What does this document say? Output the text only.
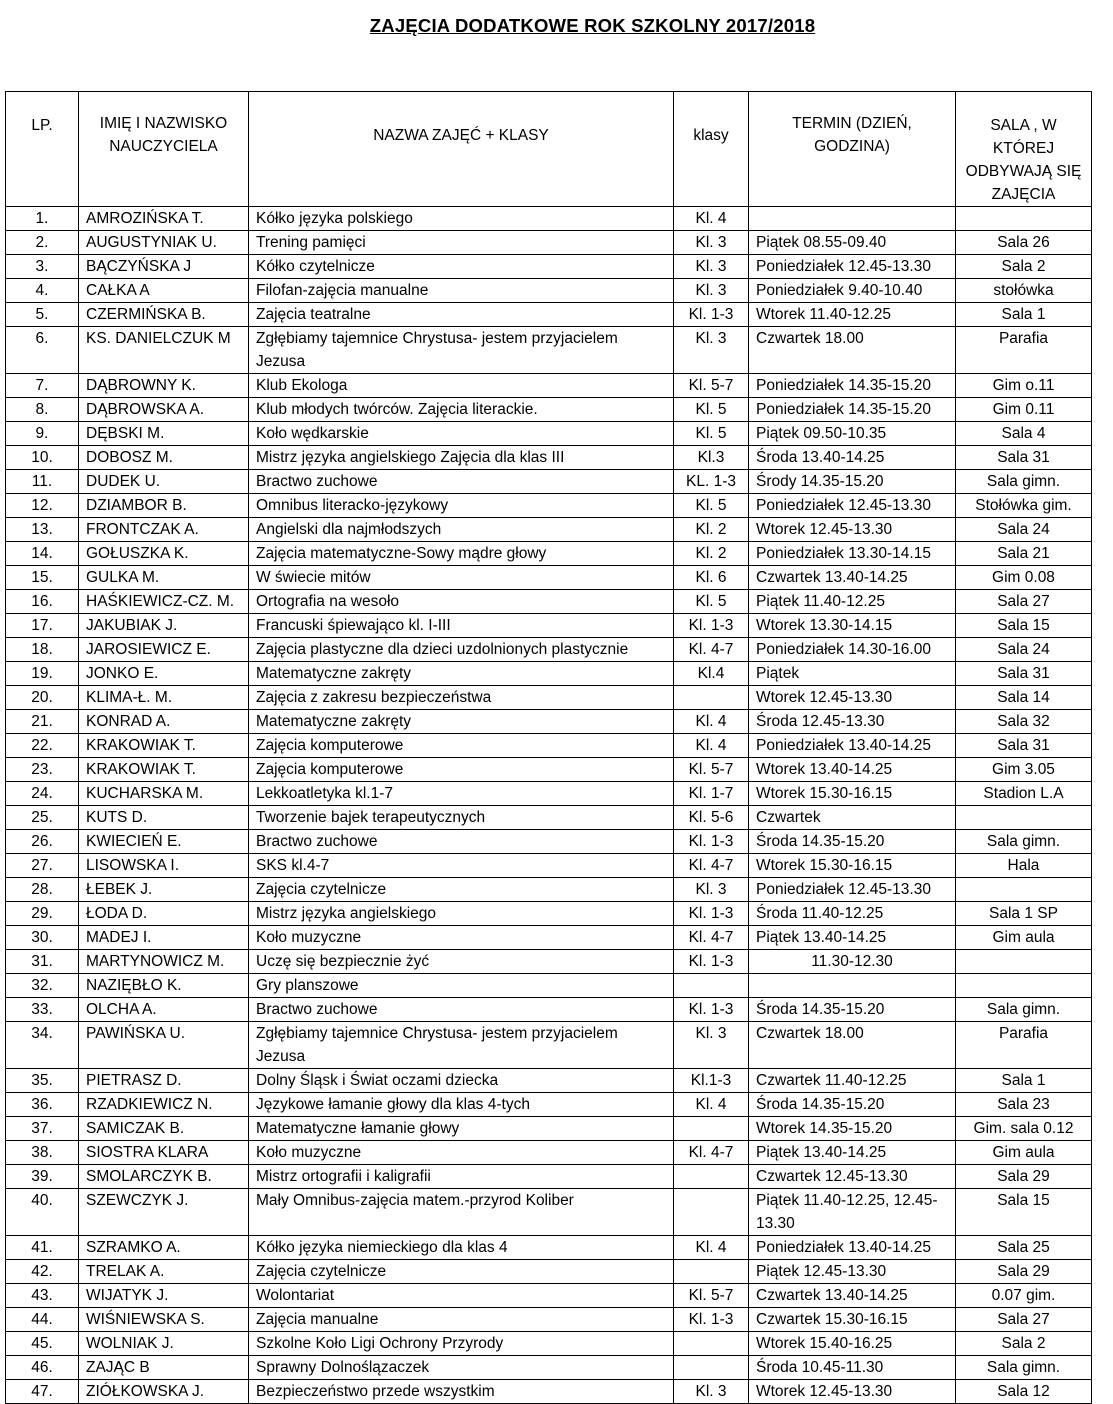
ZAJĘCIA DODATKOWE ROK SZKOLNY 2017/2018
LP.	IMIĘ I NAZWISKO NAUCZYCIELA	NAZWA ZAJĘĆ + KLASY	klasy	TERMIN (DZIEŃ, GODZINA)	SALA , W KTÓREJ ODBYWAJĄ SIĘ ZAJĘCIA
1.	AMROZIŃSKA T.	Kółko języka polskiego	Kl. 4		
2.	AUGUSTYNIAK U.	Trening pamięci	Kl. 3	Piątek 08.55-09.40	Sala 26
3.	BĄCZYŃSKA J	Kółko czytelnicze	Kl. 3	Poniedziałek 12.45-13.30	Sala 2
4.	CAŁKA A	Filofan-zajęcia manualne	Kl. 3	Poniedziałek 9.40-10.40	stołówka
5.	CZERMIŃSKA B.	Zajęcia teatralne	Kl. 1-3	Wtorek 11.40-12.25	Sala 1
6.	KS. DANIELCZUK M	Zgłębiamy tajemnice Chrystusa- jestem przyjacielem Jezusa	Kl. 3	Czwartek 18.00	Parafia
7.	DĄBROWNY K.	Klub Ekologa	Kl. 5-7	Poniedziałek 14.35-15.20	Gim o.11
8.	DĄBROWSKA A.	Klub młodych twórców. Zajęcia literackie.	Kl. 5	Poniedziałek 14.35-15.20	Gim 0.11
9.	DĘBSKI M.	Koło wędkarskie	Kl. 5	Piątek 09.50-10.35	Sala 4
10.	DOBOSZ M.	Mistrz języka angielskiego Zajęcia dla klas III	Kl.3	Środa 13.40-14.25	Sala 31
11.	DUDEK U.	Bractwo zuchowe	KL. 1-3	Środy 14.35-15.20	Sala gimn.
12.	DZIAMBOR B.	Omnibus literacko-językowy	Kl. 5	Poniedziałek 12.45-13.30	Stołówka gim.
13.	FRONTCZAK A.	Angielski dla najmłodszych	Kl. 2	Wtorek 12.45-13.30	Sala 24
14.	GOŁUSZKA K.	Zajęcia matematyczne-Sowy mądre głowy	Kl. 2	Poniedziałek 13.30-14.15	Sala 21
15.	GULKA M.	W świecie mitów	Kl. 6	Czwartek 13.40-14.25	Gim 0.08
16.	HAŚKIEWICZ-CZ. M.	Ortografia na wesoło	Kl. 5	Piątek 11.40-12.25	Sala 27
17.	JAKUBIAK J.	Francuski śpiewająco kl. I-III	Kl. 1-3	Wtorek 13.30-14.15	Sala 15
18.	JAROSIEWICZ E.	Zajęcia plastyczne dla dzieci uzdolnionych plastycznie	Kl. 4-7	Poniedziałek 14.30-16.00	Sala 24
19.	JONKO E.	Matematyczne zakręty	Kl.4	Piątek	Sala 31
20.	KLIMA-Ł. M.	Zajęcia z zakresu bezpieczeństwa		Wtorek 12.45-13.30	Sala 14
21.	KONRAD A.	Matematyczne zakręty	Kl. 4	Środa 12.45-13.30	Sala 32
22.	KRAKOWIAK T.	Zajęcia komputerowe	Kl. 4	Poniedziałek 13.40-14.25	Sala 31
23.	KRAKOWIAK T.	Zajęcia komputerowe	Kl. 5-7	Wtorek 13.40-14.25	Gim 3.05
24.	KUCHARSKA M.	Lekkoatletyka kl.1-7	Kl. 1-7	Wtorek 15.30-16.15	Stadion L.A
25.	KUTS D.	Tworzenie bajek terapeutycznych	Kl. 5-6	Czwartek	
26.	KWIECIEŃ E.	Bractwo zuchowe	Kl. 1-3	Środa 14.35-15.20	Sala gimn.
27.	LISOWSKA I.	SKS kl.4-7	Kl. 4-7	Wtorek 15.30-16.15	Hala
28.	ŁEBEK J.	Zajęcia czytelnicze	Kl. 3	Poniedziałek 12.45-13.30	
29.	ŁODA D.	Mistrz języka angielskiego	Kl. 1-3	Środa 11.40-12.25	Sala 1 SP
30.	MADEJ I.	Koło muzyczne	Kl. 4-7	Piątek 13.40-14.25	Gim aula
31.	MARTYNOWICZ M.	Uczę się bezpiecznie żyć	Kl. 1-3	11.30-12.30	
32.	NAZIĘBŁO K.	Gry planszowe			
33.	OLCHA A.	Bractwo zuchowe	Kl. 1-3	Środa 14.35-15.20	Sala gimn.
34.	PAWIŃSKA U.	Zgłębiamy tajemnice Chrystusa- jestem przyjacielem Jezusa	Kl. 3	Czwartek 18.00	Parafia
35.	PIETRASZ D.	Dolny Śląsk i Świat oczami dziecka	Kl.1-3	Czwartek 11.40-12.25	Sala 1
36.	RZADKIEWICZ N.	Językowe łamanie głowy dla klas 4-tych	Kl. 4	Środa 14.35-15.20	Sala 23
37.	SAMICZAK B.	Matematyczne łamanie głowy		Wtorek 14.35-15.20	Gim. sala 0.12
38.	SIOSTRA KLARA	Koło muzyczne	Kl. 4-7	Piątek 13.40-14.25	Gim aula
39.	SMOLARCZYK B.	Mistrz ortografii i kaligrafii		Czwartek 12.45-13.30	Sala 29
40.	SZEWCZYK J.	Mały Omnibus-zajęcia matem.-przyrod Koliber		Piątek 11.40-12.25, 12.45-13.30	Sala 15
41.	SZRAMKO A.	Kółko języka niemieckiego dla klas 4	Kl. 4	Poniedziałek 13.40-14.25	Sala 25
42.	TRELAK A.	Zajęcia czytelnicze		Piątek 12.45-13.30	Sala 29
43.	WIJATYK J.	Wolontariat	Kl. 5-7	Czwartek 13.40-14.25	0.07 gim.
44.	WIŚNIEWSKA S.	Zajęcia manualne	Kl. 1-3	Czwartek 15.30-16.15	Sala 27
45.	WOLNIAK J.	Szkolne Koło Ligi Ochrony Przyrody		Wtorek 15.40-16.25	Sala 2
46.	ZAJĄC B	Sprawny Dolnoślązaczek		Środa 10.45-11.30	Sala gimn.
47.	ZIÓŁKOWSKA J.	Bezpieczeństwo przede wszystkim	Kl. 3	Wtorek 12.45-13.30	Sala 12
